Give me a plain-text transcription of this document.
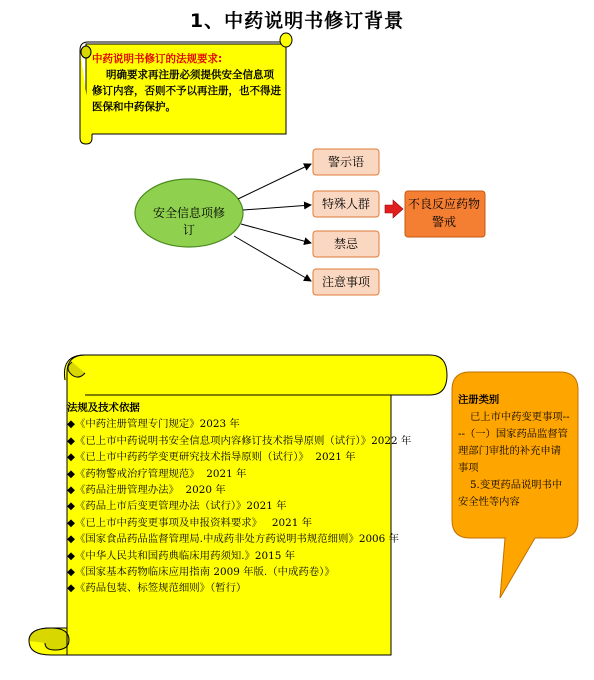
1、中药说明书修订背景
中药说明书修订的法规要求:
明确要求再注册必须提供安全信息项修订内容，否则不予以再注册，也不得进医保和中药保护。
安全信息项修订
警示语
特殊人群
禁忌
注意事项
不良反应药物警戒
法规及技术依据
◆《中药注册管理专门规定》2023 年
◆《已上市中药说明书安全信息项内容修订技术指导原则（试行）》2022 年
◆《已上市中药药学变更研究技术指导原则（试行）》  2021 年
◆《药物警戒治疗管理规范》  2021 年
◆《药品注册管理办法》  2020 年
◆《药品上市后变更管理办法（试行）》2021 年
◆《已上市中药变更事项及申报资料要求》   2021 年
◆《国家食品药品监督管理局.中成药非处方药说明书规范细则》2006 年
◆《中华人民共和国药典临床用药须知.》2015 年
◆《国家基本药物临床应用指南 2009 年版.（中成药卷）》
◆《药品包装、标签规范细则》（暂行）
注册类别
已上市中药变更事项----（一）国家药品监督管理部门审批的补充申请事项
5.变更药品说明书中安全性等内容
